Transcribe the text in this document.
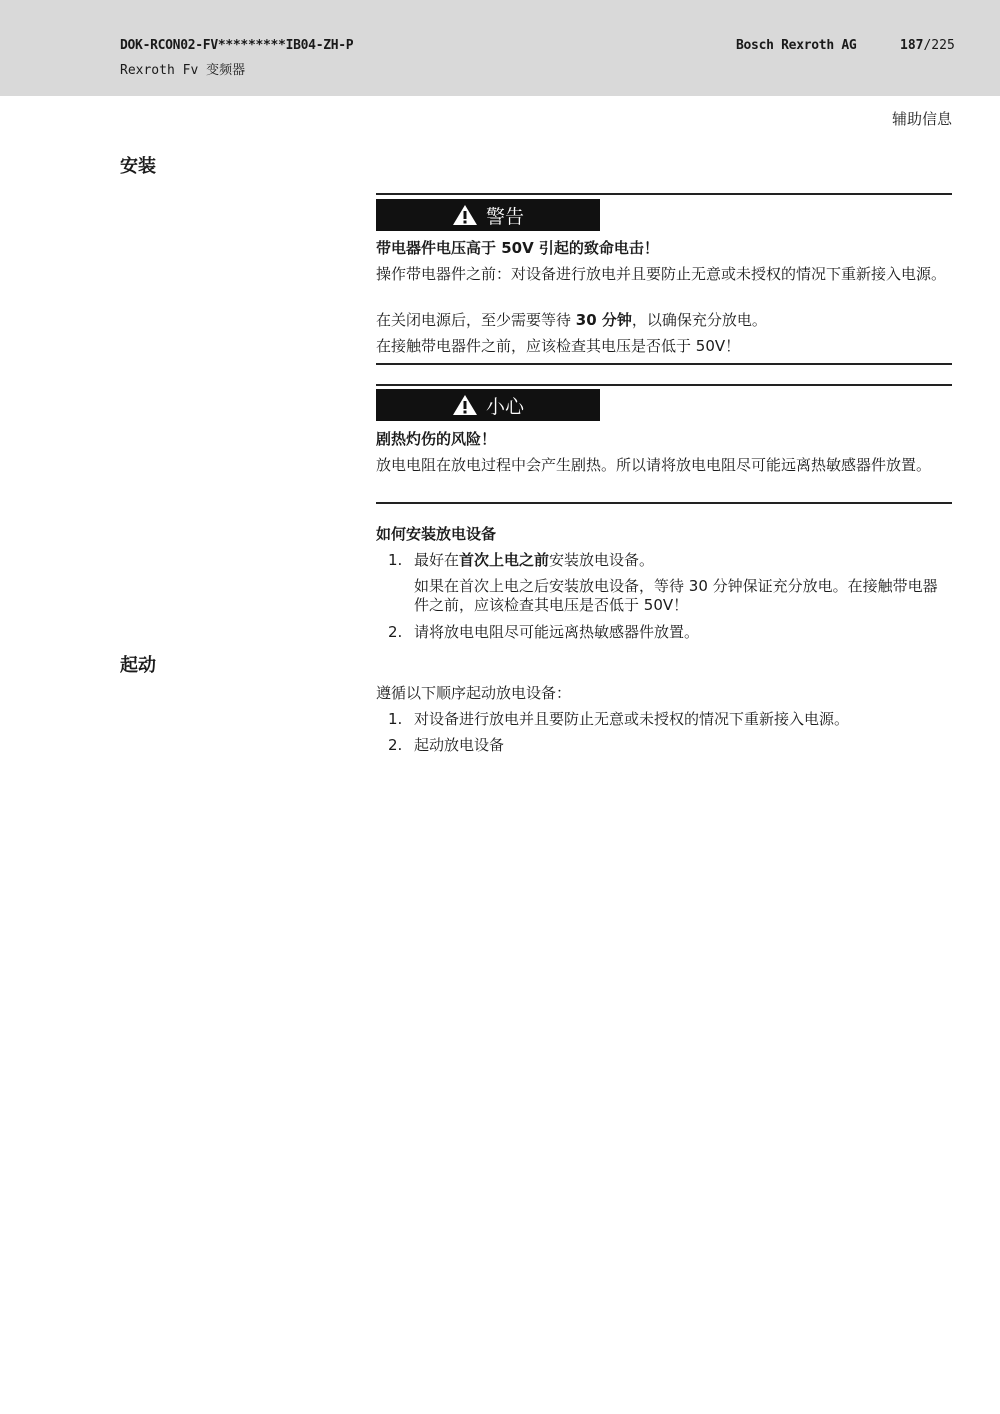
DOK-RCON02-FV*********IB04-ZH-P
Rexroth Fv 变频器
Bosch Rexroth AG	187/225
辅助信息
安装
警告
带电器件电压高于 50V 引起的致命电击！
操作带电器件之前：对设备进行放电并且要防止无意或未授权的情况下重新接入电源。
在关闭电源后，至少需要等待 30 分钟，以确保充分放电。
在接触带电器件之前，应该检查其电压是否低于 50V！
小心
剧热灼伤的风险！
放电电阻在放电过程中会产生剧热。所以请将放电电阻尽可能远离热敏感器件放置。
如何安装放电设备
1. 最好在首次上电之前安装放电设备。
如果在首次上电之后安装放电设备，等待 30 分钟保证充分放电。在接触带电器件之前，应该检查其电压是否低于 50V！
2. 请将放电电阻尽可能远离热敏感器件放置。
起动
遵循以下顺序起动放电设备：
1. 对设备进行放电并且要防止无意或未授权的情况下重新接入电源。
2. 起动放电设备
